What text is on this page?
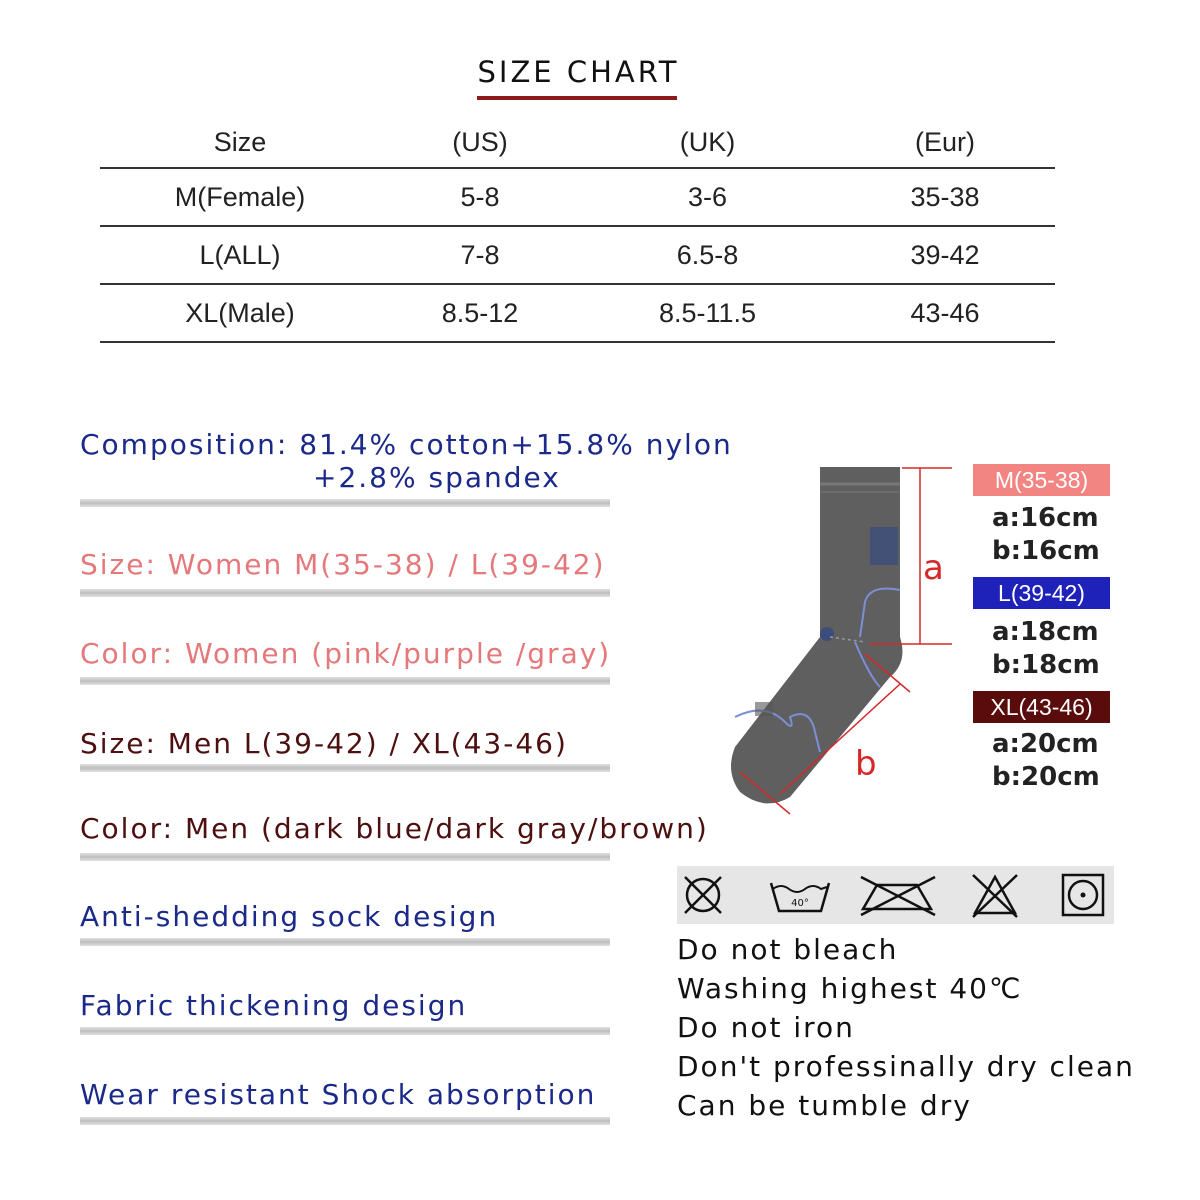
SIZE CHART
Size	(US)	(UK)	(Eur)
M(Female)	5-8	3-6	35-38
L(ALL)	7-8	6.5-8	39-42
XL(Male)	8.5-12	8.5-11.5	43-46
Composition: 81.4% cotton+15.8% nylon
+2.8% spandex
Size: Women M(35-38) / L(39-42)
Color: Women (pink/purple /gray)
Size: Men L(39-42) / XL(43-46)
Color: Men (dark blue/dark gray/brown)
Anti-shedding sock design
Fabric thickening design
Wear resistant Shock absorption
a
b
M(35-38)
a:16cm
b:16cm
L(39-42)
a:18cm
b:18cm
XL(43-46)
a:20cm
b:20cm
40°
Do not bleach
Washing highest 40℃
Do not iron
Don't professinally dry clean
Can be tumble dry
